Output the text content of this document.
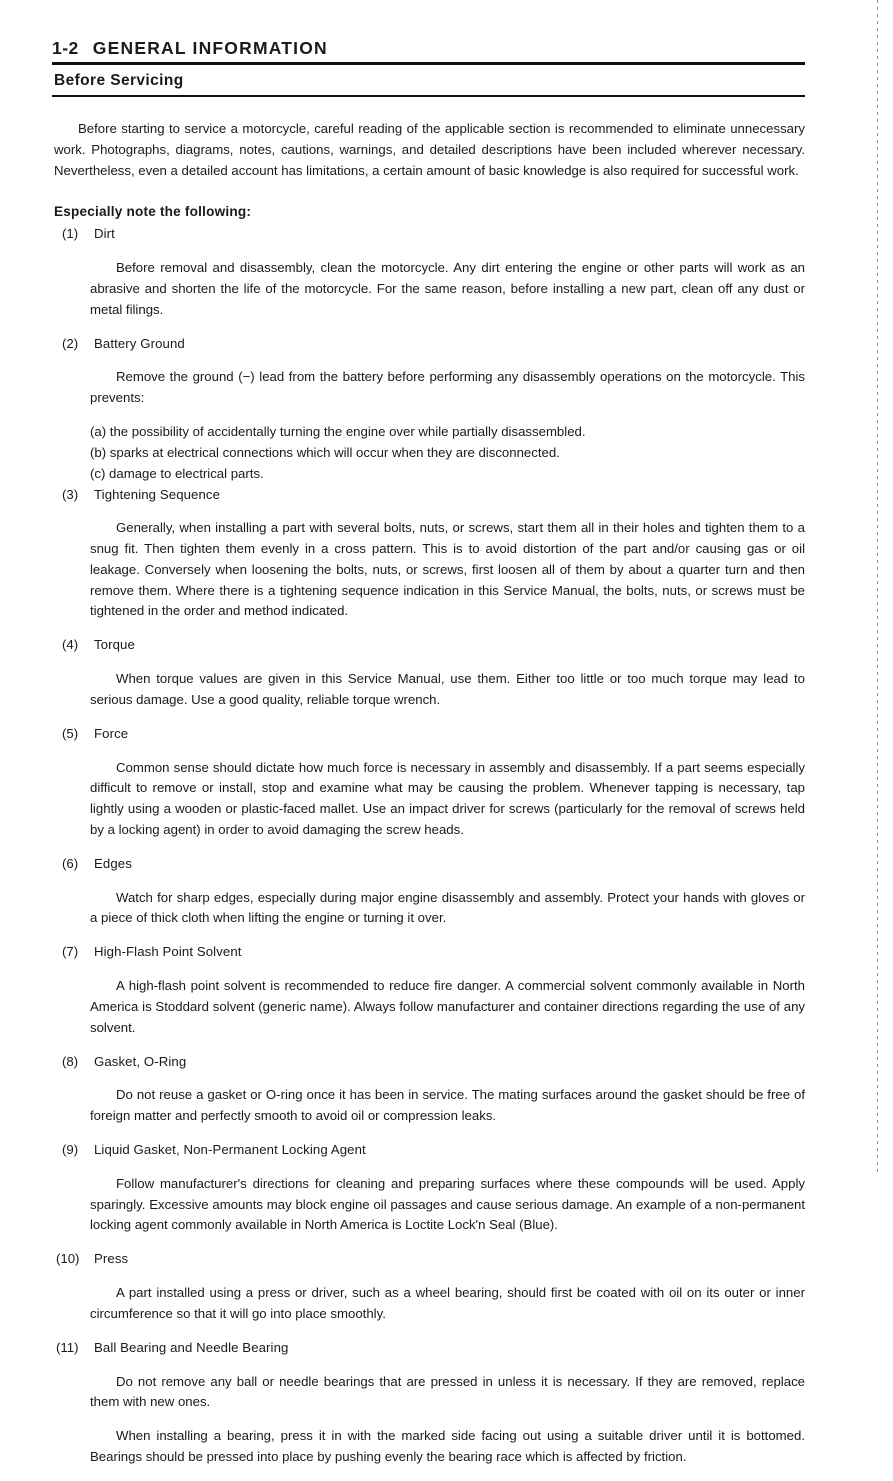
1-2 GENERAL INFORMATION
Before Servicing

Before starting to service a motorcycle, careful reading of the applicable section is recommended to eliminate unnecessary work. Photographs, diagrams, notes, cautions, warnings, and detailed descriptions have been included wherever necessary. Nevertheless, even a detailed account has limitations, a certain amount of basic knowledge is also required for successful work.

Especially note the following:
(1)	Dirt

Before removal and disassembly, clean the motorcycle. Any dirt entering the engine or other parts will work as an abrasive and shorten the life of the motorcycle. For the same reason, before installing a new part, clean off any dust or metal filings.

(2)	Battery Ground

Remove the ground (−) lead from the battery before performing any disassembly operations on the motorcycle. This prevents:

(a) the possibility of accidentally turning the engine over while partially disassembled.
(b) sparks at electrical connections which will occur when they are disconnected.
(c) damage to electrical parts.
(3)	Tightening Sequence

Generally, when installing a part with several bolts, nuts, or screws, start them all in their holes and tighten them to a snug fit. Then tighten them evenly in a cross pattern. This is to avoid distortion of the part and/or causing gas or oil leakage. Conversely when loosening the bolts, nuts, or screws, first loosen all of them by about a quarter turn and then remove them. Where there is a tightening sequence indication in this Service Manual, the bolts, nuts, or screws must be tightened in the order and method indicated.

(4)	Torque

When torque values are given in this Service Manual, use them. Either too little or too much torque may lead to serious damage. Use a good quality, reliable torque wrench.

(5)	Force

Common sense should dictate how much force is necessary in assembly and disassembly. If a part seems especially difficult to remove or install, stop and examine what may be causing the problem. Whenever tapping is necessary, tap lightly using a wooden or plastic-faced mallet. Use an impact driver for screws (particularly for the removal of screws held by a locking agent) in order to avoid damaging the screw heads.

(6)	Edges

Watch for sharp edges, especially during major engine disassembly and assembly. Protect your hands with gloves or a piece of thick cloth when lifting the engine or turning it over.

(7)	High-Flash Point Solvent

A high-flash point solvent is recommended to reduce fire danger. A commercial solvent commonly available in North America is Stoddard solvent (generic name). Always follow manufacturer and container directions regarding the use of any solvent.

(8)	Gasket, O-Ring

Do not reuse a gasket or O-ring once it has been in service. The mating surfaces around the gasket should be free of foreign matter and perfectly smooth to avoid oil or compression leaks.

(9)	Liquid Gasket, Non-Permanent Locking Agent

Follow manufacturer's directions for cleaning and preparing surfaces where these compounds will be used. Apply sparingly. Excessive amounts may block engine oil passages and cause serious damage. An example of a non-permanent locking agent commonly available in North America is Loctite Lock'n Seal (Blue).

(10)	Press

A part installed using a press or driver, such as a wheel bearing, should first be coated with oil on its outer or inner circumference so that it will go into place smoothly.

(11)	Ball Bearing and Needle Bearing

Do not remove any ball or needle bearings that are pressed in unless it is necessary. If they are removed, replace them with new ones.

When installing a bearing, press it in with the marked side facing out using a suitable driver until it is bottomed. Bearings should be pressed into place by pushing evenly the bearing race which is affected by friction.
